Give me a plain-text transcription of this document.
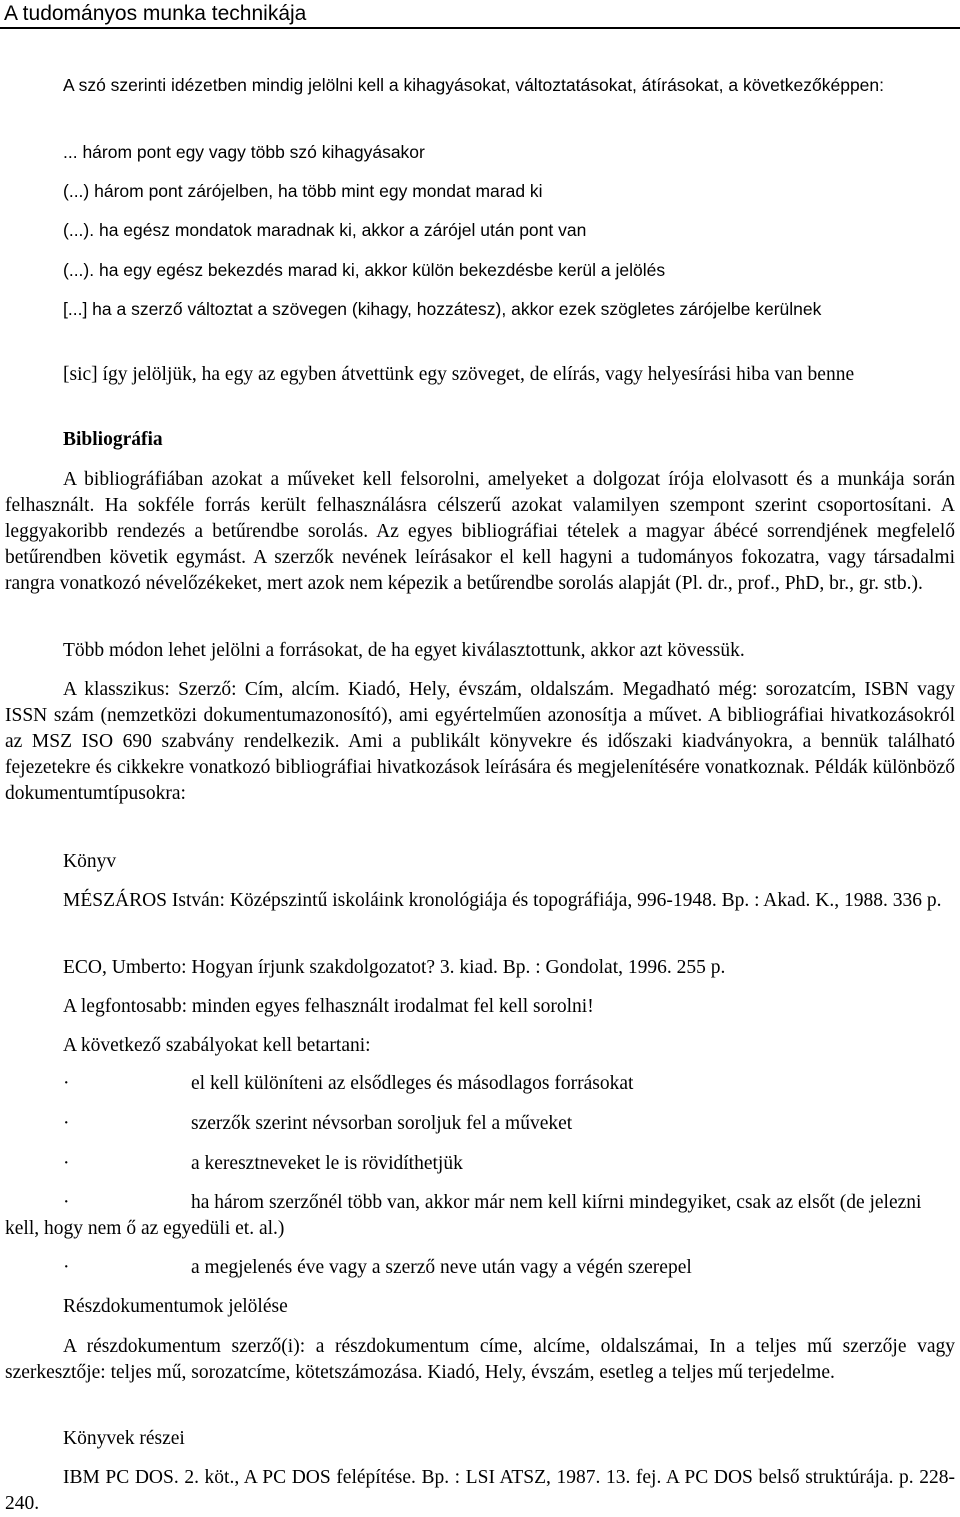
A tudományos munka technikája

A szó szerinti idézetben mindig jelölni kell a kihagyásokat, változtatásokat, átírásokat, a következőképpen:

... három pont egy vagy több szó kihagyásakor

(...) három pont zárójelben, ha több mint egy mondat marad ki

(...). ha egész mondatok maradnak ki, akkor a zárójel után pont van

(...). ha egy egész bekezdés marad ki, akkor külön bekezdésbe kerül a jelölés

[...] ha a szerző változtat a szövegen (kihagy, hozzátesz), akkor ezek szögletes zárójelbe kerülnek

[sic] így jelöljük, ha egy az egyben átvettünk egy szöveget, de elírás, vagy helyesírási hiba van benne

Bibliográfia

A bibliográfiában azokat a műveket kell felsorolni, amelyeket a dolgozat írója elolvasott és a munkája során felhasznált. Ha sokféle forrás került felhasználásra célszerű azokat valamilyen szempont szerint csoportosítani. A leggyakoribb rendezés a betűrendbe sorolás. Az egyes bibliográfiai tételek a magyar ábécé sorrendjének megfelelő betűrendben követik egymást. A szerzők nevének leírásakor el kell hagyni a tudományos fokozatra, vagy társadalmi rangra vonatkozó névelőzékeket, mert azok nem képezik a betűrendbe sorolás alapját (Pl. dr., prof., PhD, br., gr. stb.).

Több módon lehet jelölni a forrásokat, de ha egyet kiválasztottunk, akkor azt kövessük.

A klasszikus: Szerző: Cím, alcím. Kiadó, Hely, évszám, oldalszám. Megadható még: sorozatcím, ISBN vagy ISSN szám (nemzetközi dokumentumazonosító), ami egyértelműen azonosítja a művet. A bibliográfiai hivatkozásokról az MSZ ISO 690 szabvány rendelkezik. Ami a publikált könyvekre és időszaki kiadványokra, a bennük található fejezetekre és cikkekre vonatkozó bibliográfiai hivatkozások leírására és megjelenítésére vonatkoznak. Példák különböző dokumentumtípusokra:

Könyv

MÉSZÁROS István: Középszintű iskoláink kronológiája és topográfiája, 996-1948. Bp. : Akad. K., 1988. 336 p.

ECO, Umberto: Hogyan írjunk szakdolgozatot? 3. kiad. Bp. : Gondolat, 1996. 255 p.

A legfontosabb: minden egyes felhasznált irodalmat fel kell sorolni!

A következő szabályokat kell betartani:

·	el kell különíteni az elsődleges és másodlagos forrásokat
·	szerzők szerint névsorban soroljuk fel a műveket
·	a keresztneveket le is rövidíthetjük
·	ha három szerzőnél több van, akkor már nem kell kiírni mindegyiket, csak az elsőt (de jelezni kell, hogy nem ő az egyedüli et. al.)
·	a megjelenés éve vagy a szerző neve után vagy a végén szerepel

Részdokumentumok jelölése

A részdokumentum szerző(i): a részdokumentum címe, alcíme, oldalszámai, In a teljes mű szerzője vagy szerkesztője: teljes mű, sorozatcíme, kötetszámozása. Kiadó, Hely, évszám, esetleg a teljes mű terjedelme.

Könyvek részei

IBM PC DOS. 2. köt., A PC DOS felépítése. Bp. : LSI ATSZ, 1987. 13. fej. A PC DOS belső struktúrája. p. 228-240.
